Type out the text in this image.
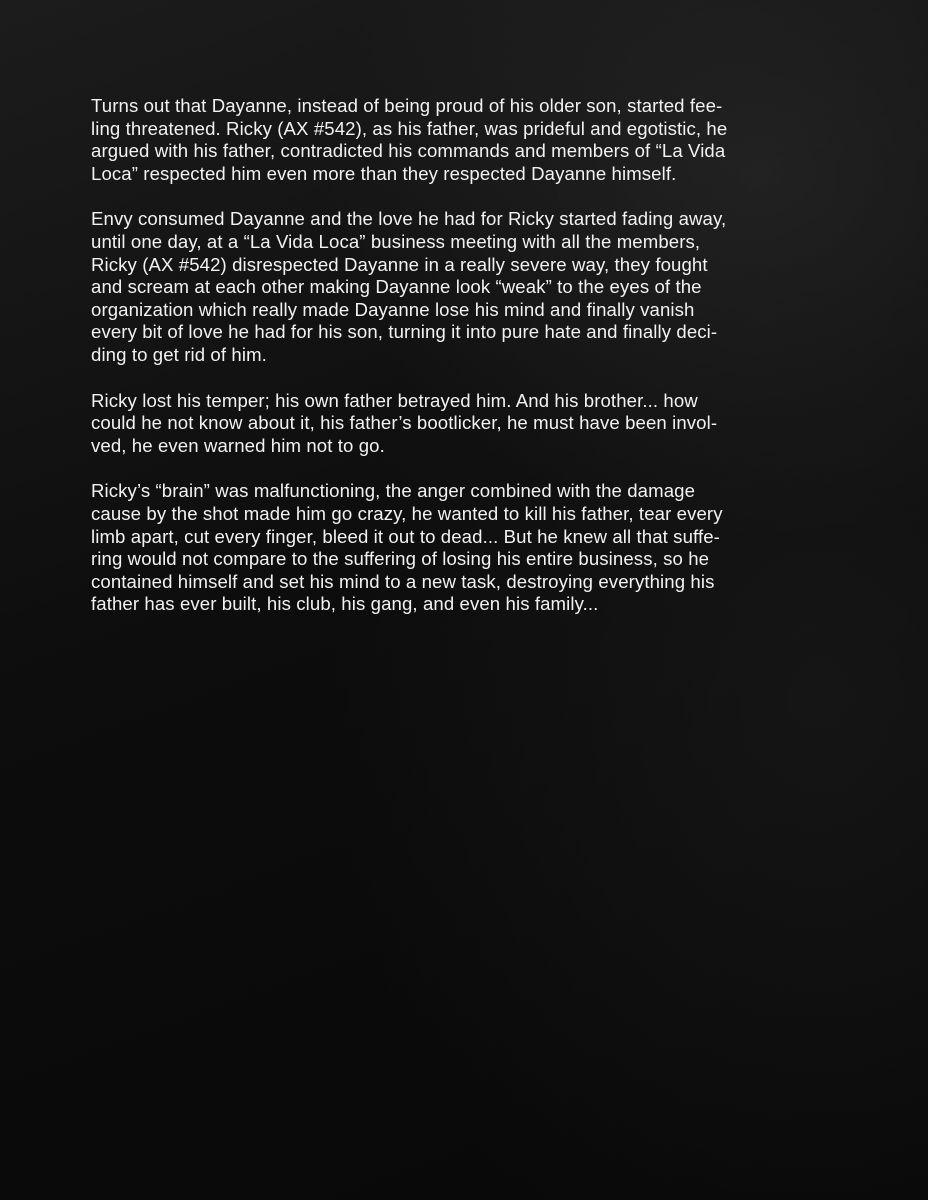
Turns out that Dayanne, instead of being proud of his older son, started fee-
ling threatened. Ricky (AX #542), as his father, was prideful and egotistic, he
argued with his father, contradicted his commands and members of “La Vida
Loca” respected him even more than they respected Dayanne himself.

Envy consumed Dayanne and the love he had for Ricky started fading away,
until one day, at a “La Vida Loca” business meeting with all the members,
Ricky (AX #542) disrespected Dayanne in a really severe way, they fought
and scream at each other making Dayanne look “weak” to the eyes of the
organization which really made Dayanne lose his mind and finally vanish
every bit of love he had for his son, turning it into pure hate and finally deci-
ding to get rid of him.

Ricky lost his temper; his own father betrayed him. And his brother... how
could he not know about it, his father’s bootlicker, he must have been invol-
ved, he even warned him not to go.

Ricky’s “brain” was malfunctioning, the anger combined with the damage
cause by the shot made him go crazy, he wanted to kill his father, tear every
limb apart, cut every finger, bleed it out to dead... But he knew all that suffe-
ring would not compare to the suffering of losing his entire business, so he
contained himself and set his mind to a new task, destroying everything his
father has ever built, his club, his gang, and even his family...
